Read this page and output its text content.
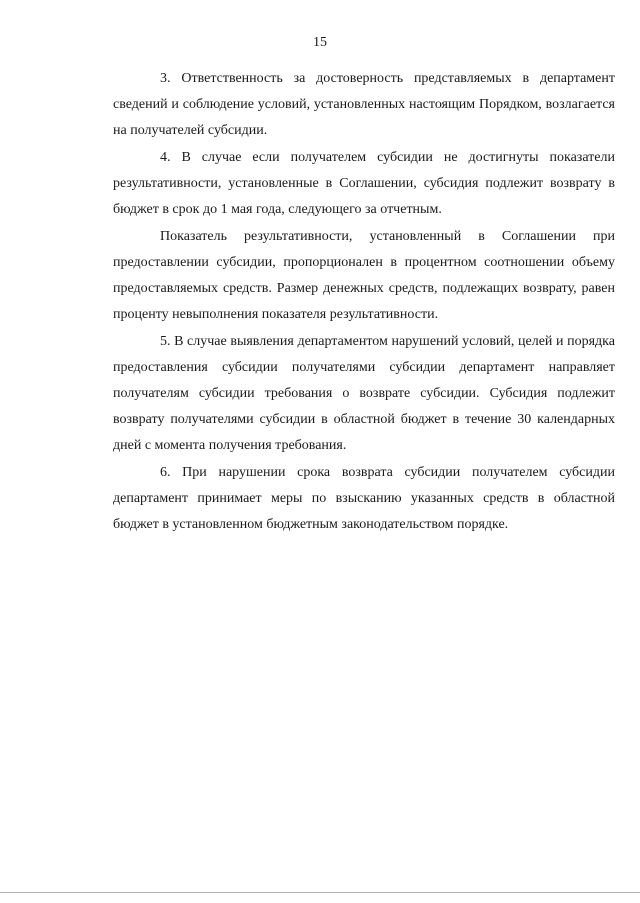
15

3. Ответственность за достоверность представляемых в департамент сведений и соблюдение условий, установленных настоящим Порядком, возлагается на получателей субсидии.

4. В случае если получателем субсидии не достигнуты показатели результативности, установленные в Соглашении, субсидия подлежит возврату в бюджет в срок до 1 мая года, следующего за отчетным.

Показатель результативности, установленный в Соглашении при предоставлении субсидии, пропорционален в процентном соотношении объему предоставляемых средств. Размер денежных средств, подлежащих возврату, равен проценту невыполнения показателя результативности.

5. В случае выявления департаментом нарушений условий, целей и порядка предоставления субсидии получателями субсидии департамент направляет получателям субсидии требования о возврате субсидии. Субсидия подлежит возврату получателями субсидии в областной бюджет в течение 30 календарных дней с момента получения требования.

6. При нарушении срока возврата субсидии получателем субсидии департамент принимает меры по взысканию указанных средств в областной бюджет в установленном бюджетным законодательством порядке.
